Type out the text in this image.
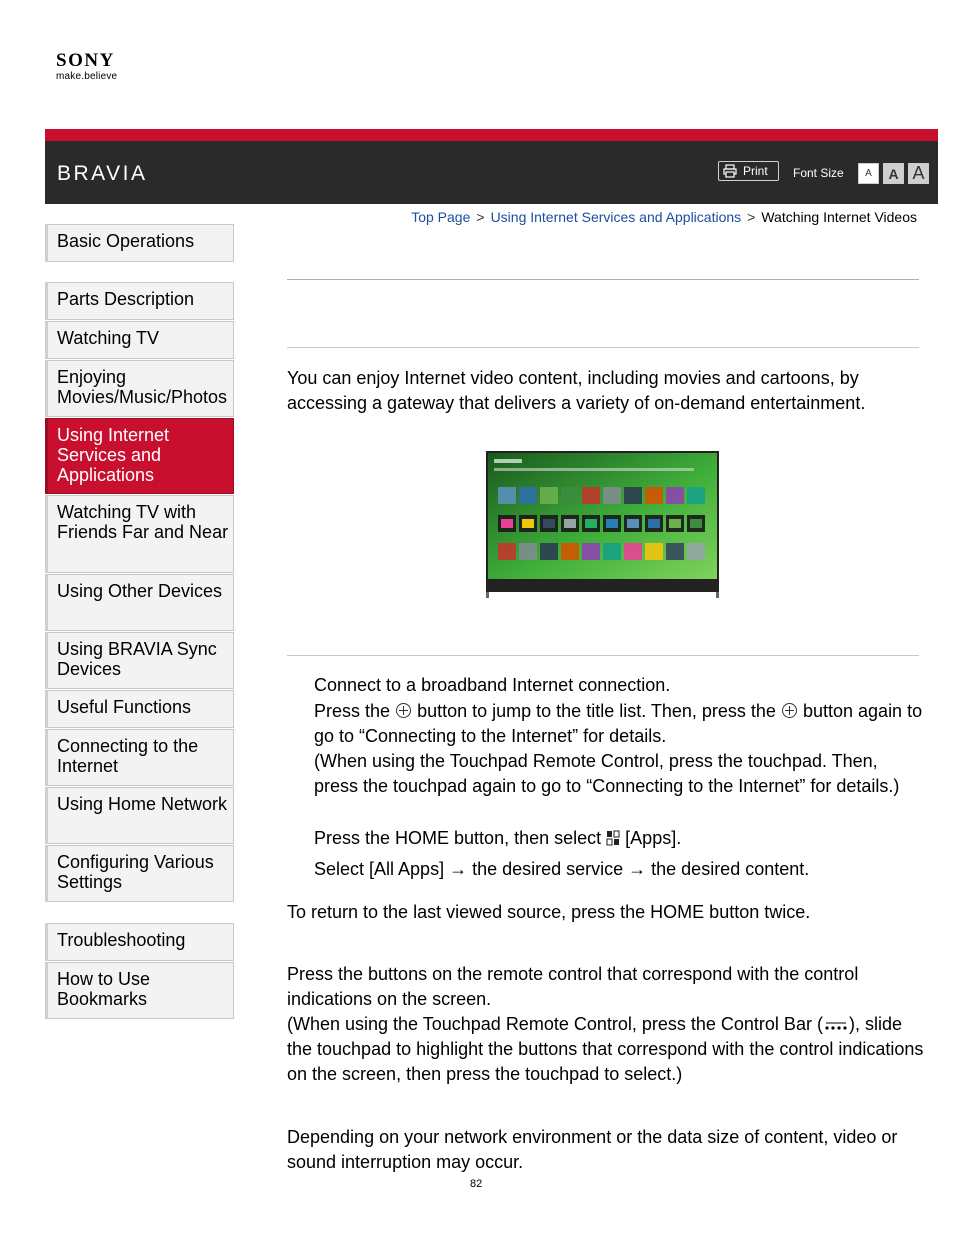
SONY
make.believe
BRAVIA	Print Font Size	A	A A
Top Page > Using Internet Services and Applications > Watching Internet Videos
Basic Operations
Parts Description
Watching TV
Enjoying
Movies/Music/Photos
Using Internet Services and Applications
Watching TV with Friends Far and Near
Using Other Devices
Using BRAVIA Sync Devices
Useful Functions
Connecting to the Internet
Using Home Network
Configuring Various Settings
Troubleshooting
How to Use Bookmarks
You can enjoy Internet video content, including movies and cartoons, by accessing a gateway that delivers a variety of on-demand entertainment.
Connect to a broadband Internet connection.
Press the button to jump to the title list. Then, press the button again to go to “Connecting to the Internet” for details.
(When using the Touchpad Remote Control, press the touchpad. Then, press the touchpad again to go to “Connecting to the Internet” for details.)
Press the HOME button, then select [Apps].
Select [All Apps] → the desired service → the desired content.
To return to the last viewed source, press the HOME button twice.
Press the buttons on the remote control that correspond with the control indications on the screen.
(When using the Touchpad Remote Control, press the Control Bar ( ), slide the touchpad to highlight the buttons that correspond with the control indications on the screen, then press the touchpad to select.)
Depending on your network environment or the data size of content, video or sound interruption may occur.
82
